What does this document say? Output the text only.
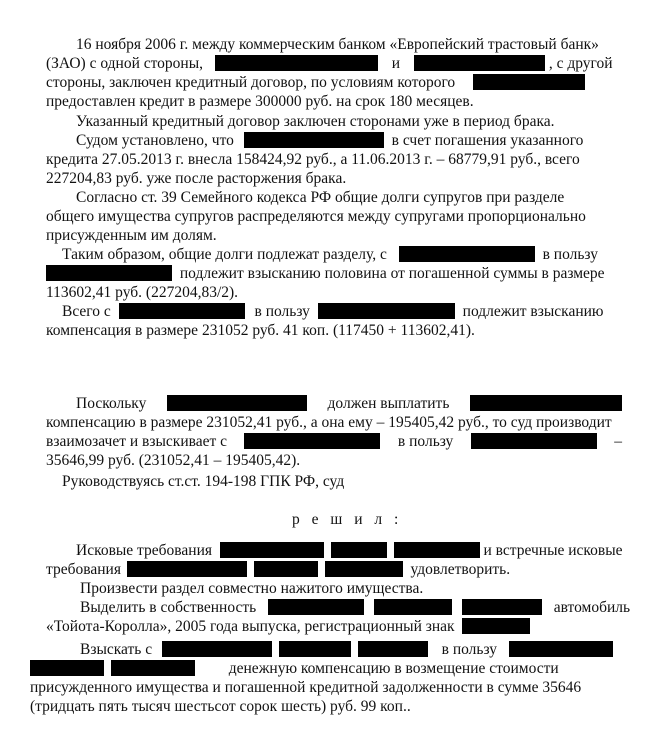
16 ноября 2006 г. между коммерческим банком «Европейский трастовый банк»
(ЗАО) с одной стороны,	и	, с другой
стороны, заключен кредитный договор, по условиям которого
предоставлен кредит в размере 300000 руб. на срок 180 месяцев.
Указанный кредитный договор заключен сторонами уже в период брака.
Судом установлено, что	в счет погашения указанного
кредита 27.05.2013 г. внесла 158424,92 руб., а 11.06.2013 г. – 68779,91 руб., всего
227204,83 руб. уже после расторжения брака.
Согласно ст. 39 Семейного кодекса РФ общие долги супругов при разделе
общего имущества супругов распределяются между супругами пропорционально
присужденным им долям.
Таким образом, общие долги подлежат разделу, с	в пользу
подлежит взысканию половина от погашенной суммы в размере
113602,41 руб. (227204,83/2).
Всего с	в пользу	подлежит взысканию
компенсация в размере 231052 руб. 41 коп. (117450 + 113602,41).
Поскольку	должен выплатить
компенсацию в размере 231052,41 руб., а она ему – 195405,42 руб., то суд производит
взаимозачет и взыскивает с	в пользу	–
35646,99 руб. (231052,41 – 195405,42).
Руководствуясь ст.ст. 194-198 ГПК РФ, суд
р е ш и л :
Исковые требования	и встречные исковые
требования	удовлетворить.
Произвести раздел совместно нажитого имущества.
Выделить в собственность	автомобиль
«Тойота-Королла», 2005 года выпуска, регистрационный знак
Взыскать с	в пользу
денежную компенсацию в возмещение стоимости
присужденного имущества и погашенной кредитной задолженности в сумме 35646
(тридцать пять тысяч шестьсот сорок шесть) руб. 99 коп..
